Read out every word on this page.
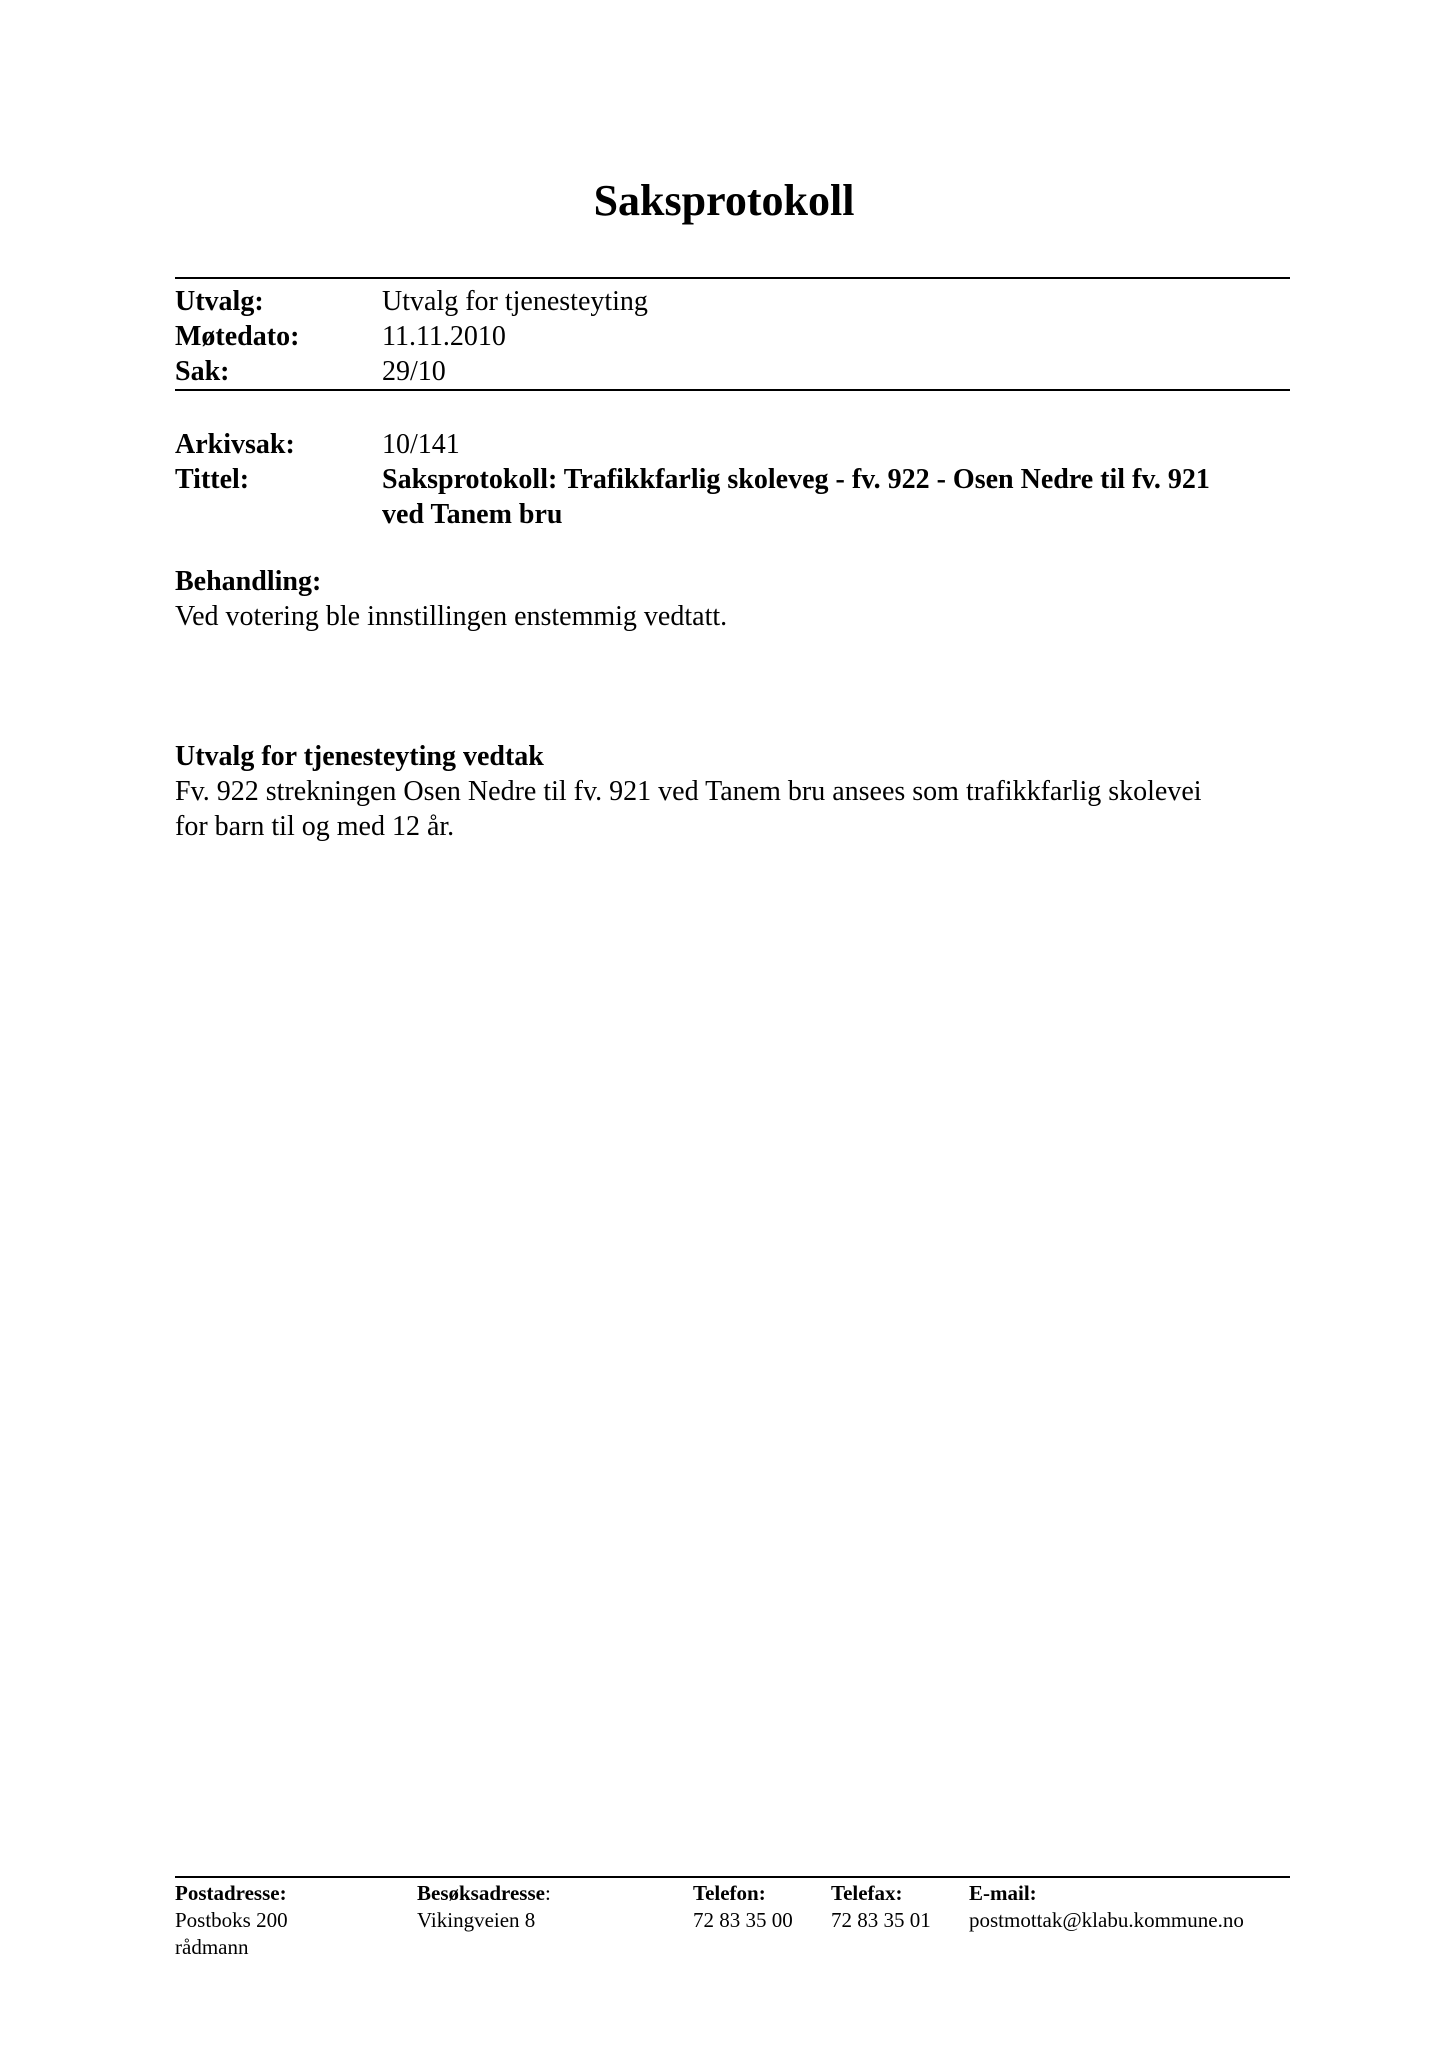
Saksprotokoll
Utvalg:	Utvalg for tjenesteyting
Møtedato:	11.11.2010
Sak:	29/10
Arkivsak:	10/141
Tittel:	Saksprotokoll: Trafikkfarlig skoleveg - fv. 922 - Osen Nedre til fv. 921
ved Tanem bru
Behandling:
Ved votering ble innstillingen enstemmig vedtatt.
Utvalg for tjenesteyting vedtak
Fv. 922 strekningen Osen Nedre til fv. 921 ved Tanem bru ansees som trafikkfarlig skolevei
for barn til og med 12 år.
Postadresse:
Postboks 200
rådmann
Besøksadresse:
Vikingveien 8
Telefon:
72 83 35 00
Telefax:
72 83 35 01
E-mail:
postmottak@klabu.kommune.no
